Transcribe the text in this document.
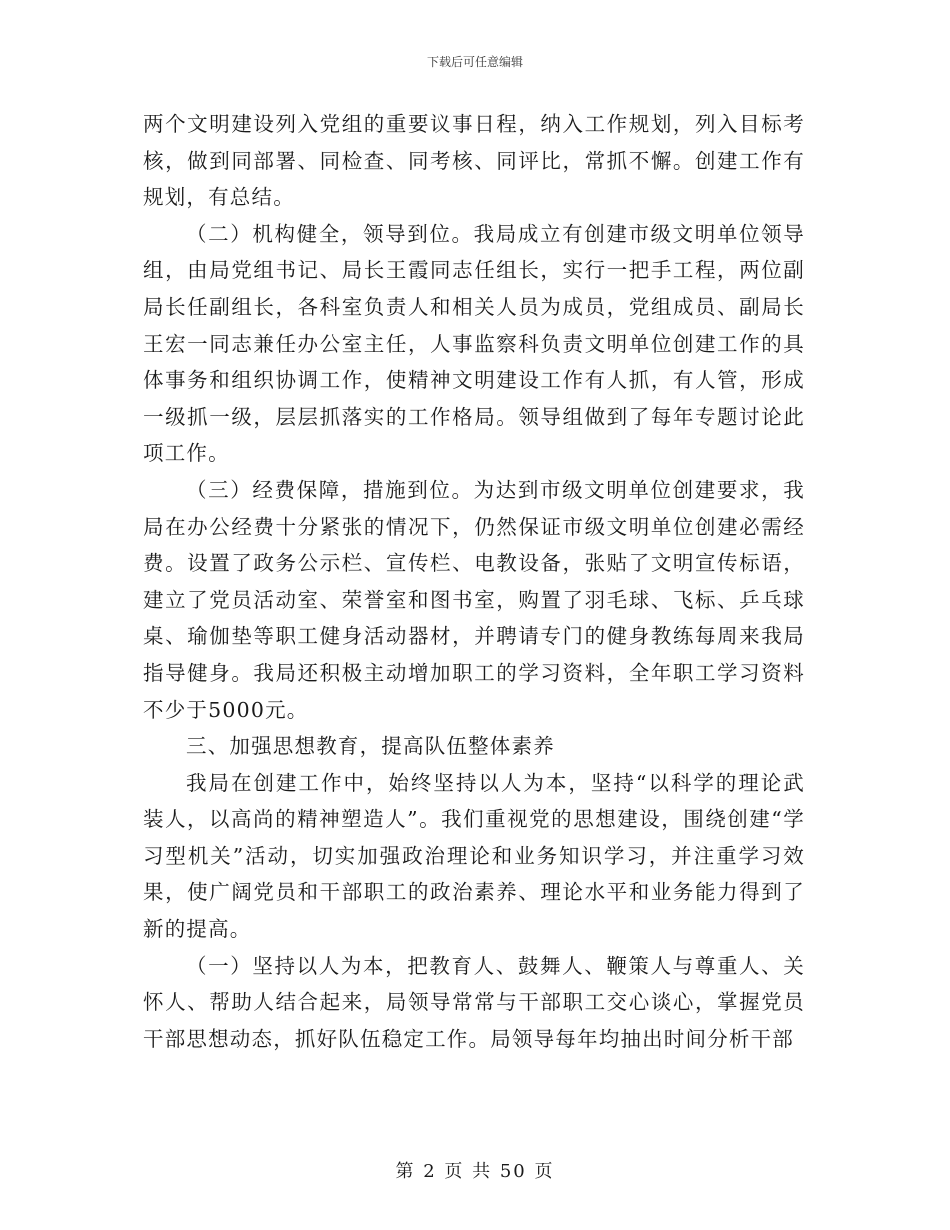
下载后可任意编辑

两个文明建设列入党组的重要议事日程，纳入工作规划，列入目标考核，做到同部署、同检查、同考核、同评比，常抓不懈。创建工作有规划，有总结。

（二）机构健全，领导到位。我局成立有创建市级文明单位领导组，由局党组书记、局长王霞同志任组长，实行一把手工程，两位副局长任副组长，各科室负责人和相关人员为成员，党组成员、副局长王宏一同志兼任办公室主任，人事监察科负责文明单位创建工作的具体事务和组织协调工作，使精神文明建设工作有人抓，有人管，形成一级抓一级，层层抓落实的工作格局。领导组做到了每年专题讨论此项工作。

（三）经费保障，措施到位。为达到市级文明单位创建要求，我局在办公经费十分紧张的情况下，仍然保证市级文明单位创建必需经费。设置了政务公示栏、宣传栏、电教设备，张贴了文明宣传标语，建立了党员活动室、荣誉室和图书室，购置了羽毛球、飞标、乒乓球桌、瑜伽垫等职工健身活动器材，并聘请专门的健身教练每周来我局指导健身。我局还积极主动增加职工的学习资料，全年职工学习资料不少于5000元。

三、加强思想教育，提高队伍整体素养

我局在创建工作中，始终坚持以人为本，坚持“以科学的理论武装人，以高尚的精神塑造人”。我们重视党的思想建设，围绕创建“学习型机关”活动，切实加强政治理论和业务知识学习，并注重学习效果，使广阔党员和干部职工的政治素养、理论水平和业务能力得到了新的提高。

（一）坚持以人为本，把教育人、鼓舞人、鞭策人与尊重人、关怀人、帮助人结合起来，局领导常常与干部职工交心谈心，掌握党员干部思想动态，抓好队伍稳定工作。局领导每年均抽出时间分析干部

第 2 页 共 50 页
